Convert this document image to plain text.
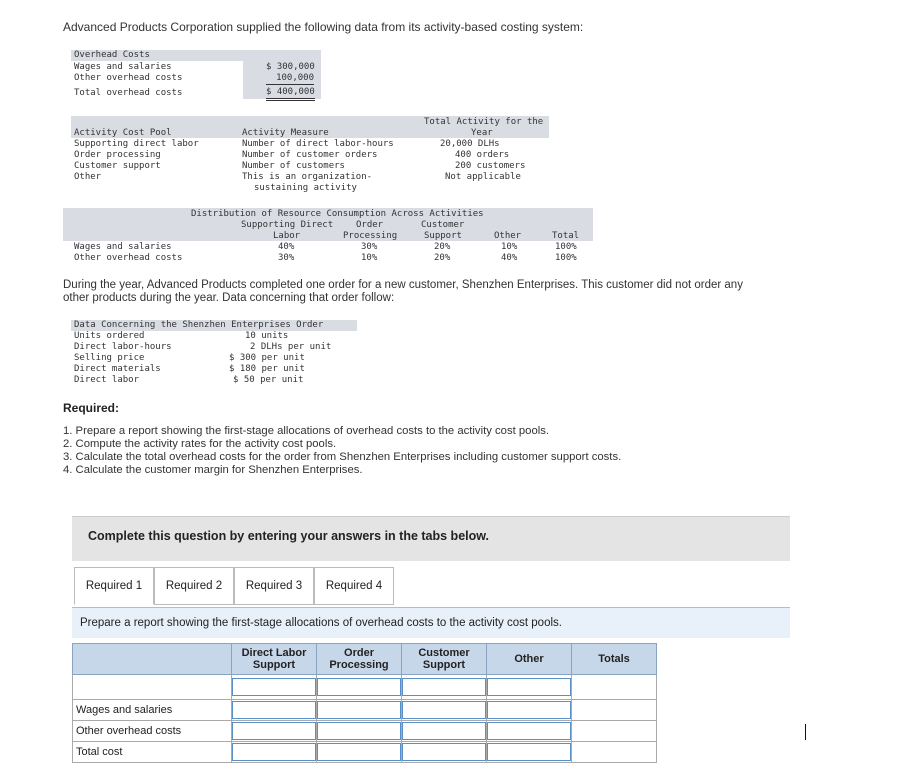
Advanced Products Corporation supplied the following data from its activity-based costing system:
Overhead Costs
Wages and salaries	$ 300,000
Other overhead costs	100,000
Total overhead costs	$ 400,000
Total Activity for the
Year
Activity Cost Pool	Activity Measure
Supporting direct labor	Number of direct labor-hours	20,000 DLHs
Order processing	Number of customer orders	400 orders
Customer support	Number of customers	200 customers
Other	This is an organization-	Not applicable
sustaining activity
Distribution of Resource Consumption Across Activities
Supporting Direct	Order	Customer
Labor	Processing	Support	Other	Total
Wages and salaries	40%	30%	20%	10%	100%
Other overhead costs	30%	10%	20%	40%	100%
During the year, Advanced Products completed one order for a new customer, Shenzhen Enterprises. This customer did not order any other products during the year. Data concerning that order follow:
Data Concerning the Shenzhen Enterprises Order
Units ordered	10 units
Direct labor-hours	2 DLHs per unit
Selling price	$ 300 per unit
Direct materials	$ 180 per unit
Direct labor	$ 50 per unit
Required:
1. Prepare a report showing the first-stage allocations of overhead costs to the activity cost pools.
2. Compute the activity rates for the activity cost pools.
3. Calculate the total overhead costs for the order from Shenzhen Enterprises including customer support costs.
4. Calculate the customer margin for Shenzhen Enterprises.
Complete this question by entering your answers in the tabs below.
Required 1	Required 2	Required 3	Required 4
Prepare a report showing the first-stage allocations of overhead costs to the activity cost pools.
	Direct Labor Support	Order Processing	Customer Support	Other	Totals

Wages and salaries					
Other overhead costs					
Total cost					
